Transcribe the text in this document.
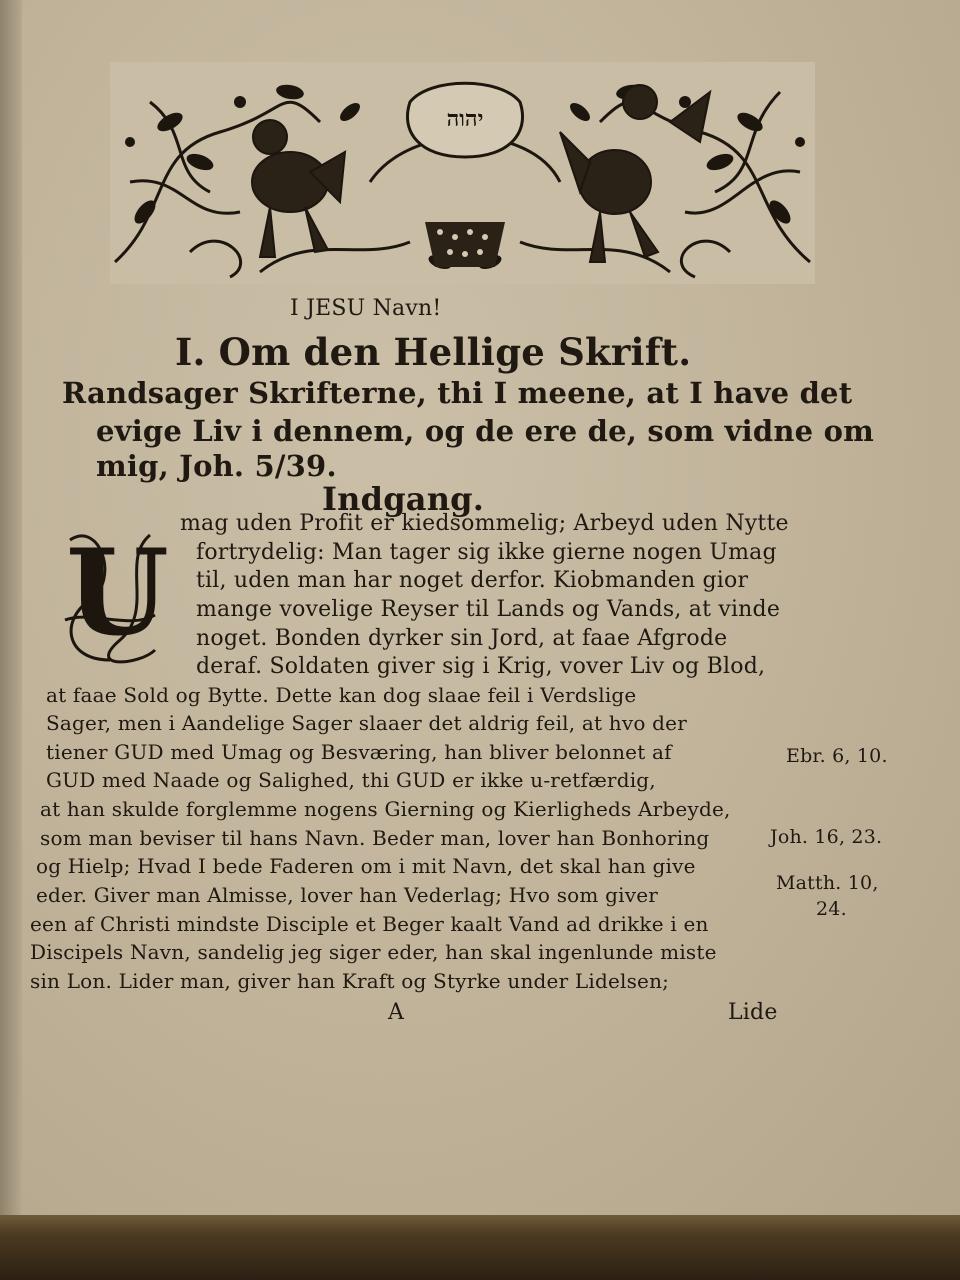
יהוה
I JESU Navn!
I. Om den Hellige Skrift.
Randsager Skrifterne, thi I meene, at I have det
evige Liv i dennem, og de ere de, som vidne om
mig, Joh. 5/39.
Indgang.
U mag uden Profit er kiedsommelig; Arbeyd uden Nytte
fortrydelig: Man tager sig ikke gierne nogen Umag
til, uden man har noget derfor. Kiobmanden gior
mange vovelige Reyser til Lands og Vands, at vinde
noget. Bonden dyrker sin Jord, at faae Afgrode
deraf. Soldaten giver sig i Krig, vover Liv og Blod,
at faae Sold og Bytte. Dette kan dog slaae feil i Verdslige
Sager, men i Aandelige Sager slaaer det aldrig feil, at hvo der
tiener GUD med Umag og Besværing, han bliver belonnet af
GUD med Naade og Salighed, thi GUD er ikke u-retfærdig,
at han skulde forglemme nogens Gierning og Kierligheds Arbeyde,
som man beviser til hans Navn. Beder man, lover han Bonhoring
og Hielp; Hvad I bede Faderen om i mit Navn, det skal han give
eder. Giver man Almisse, lover han Vederlag; Hvo som giver
een af Christi mindste Disciple et Beger kaalt Vand ad drikke i en
Discipels Navn, sandelig jeg siger eder, han skal ingenlunde miste
sin Lon. Lider man, giver han Kraft og Styrke under Lidelsen;
Ebr. 6, 10.
Joh. 16, 23.
Matth. 10,
24.
A	Lide
